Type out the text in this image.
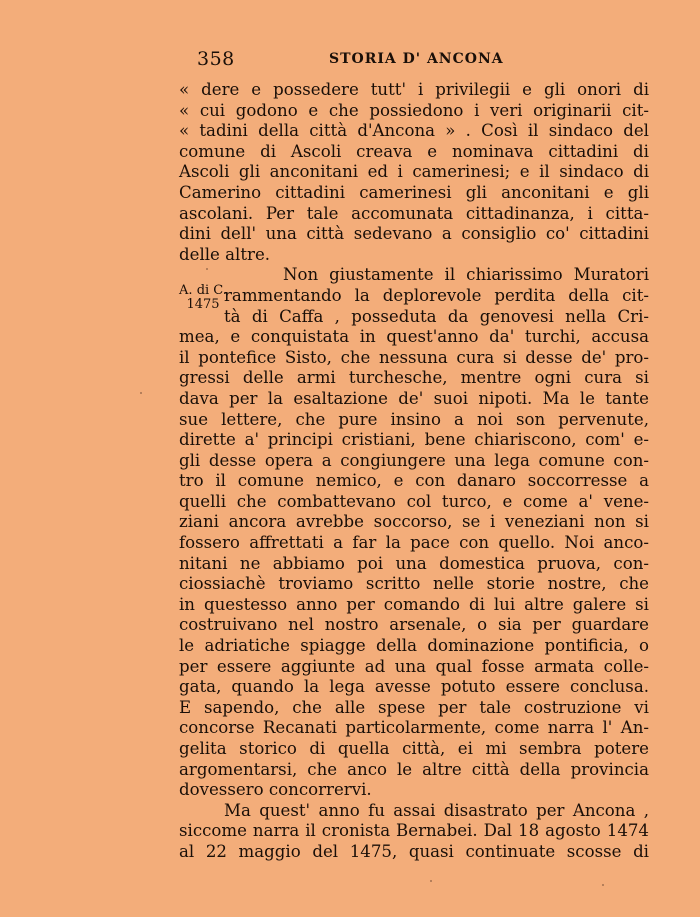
358	STORIA D' ANCONA
A. di C.
1475
« dere e possedere tutt' i privilegii e gli onori di
« cui godono e che possiedono i veri originarii cit-
« tadini della città d'Ancona » . Così il sindaco del
comune di Ascoli creava e nominava cittadini di
Ascoli gli anconitani ed i camerinesi; e il sindaco di
Camerino cittadini camerinesi gli anconitani e gli
ascolani. Per tale accomunata cittadinanza, i citta-
dini dell' una città sedevano a consiglio co' cittadini
delle altre.
Non giustamente il chiarissimo Muratori
rammentando la deplorevole perdita della cit-
tà di Caffa , posseduta da genovesi nella Cri-
mea, e conquistata in quest'anno da' turchi, accusa
il pontefice Sisto, che nessuna cura si desse de' pro-
gressi delle armi turchesche, mentre ogni cura si
dava per la esaltazione de' suoi nipoti. Ma le tante
sue lettere, che pure insino a noi son pervenute,
dirette a' principi cristiani, bene chiariscono, com' e-
gli desse opera a congiungere una lega comune con-
tro il comune nemico, e con danaro soccorresse a
quelli che combattevano col turco, e come a' vene-
ziani ancora avrebbe soccorso, se i veneziani non si
fossero affrettati a far la pace con quello. Noi anco-
nitani ne abbiamo poi una domestica pruova, con-
ciossiachè troviamo scritto nelle storie nostre, che
in questesso anno per comando di lui altre galere si
costruivano nel nostro arsenale, o sia per guardare
le adriatiche spiagge della dominazione pontificia, o
per essere aggiunte ad una qual fosse armata colle-
gata, quando la lega avesse potuto essere conclusa.
E sapendo, che alle spese per tale costruzione vi
concorse Recanati particolarmente, come narra l' An-
gelita storico di quella città, ei mi sembra potere
argomentarsi, che anco le altre città della provincia
dovessero concorrervi.
Ma quest' anno fu assai disastrato per Ancona ,
siccome narra il cronista Bernabei. Dal 18 agosto 1474
al 22 maggio del 1475, quasi continuate scosse di
